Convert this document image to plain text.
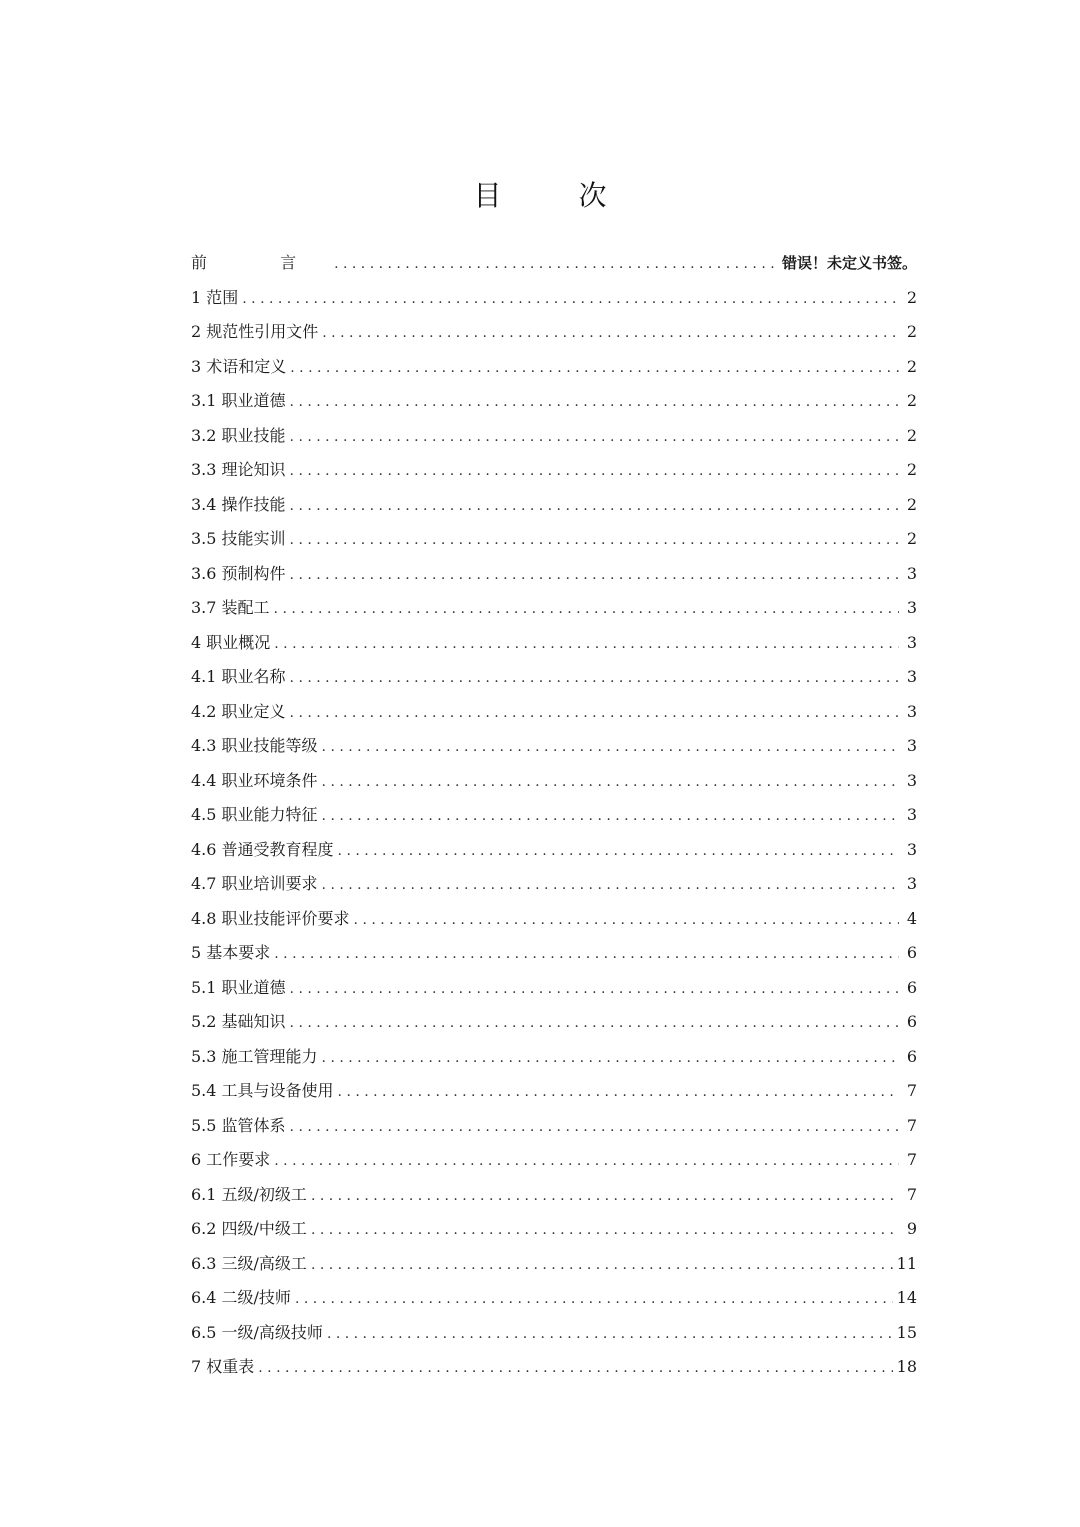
目 次
前 言 . . .	错误！未定义书签。
1 范围 . . .	2
2 规范性引用文件 . . .	2
3 术语和定义 . . .	2
3.1 职业道德 . . .	2
3.2 职业技能 . . .	2
3.3 理论知识 . . .	2
3.4 操作技能 . . .	2
3.5 技能实训 . . .	2
3.6 预制构件 . . .	3
3.7 装配工 . . .	3
4 职业概况 . . .	3
4.1 职业名称 . . .	3
4.2 职业定义 . . .	3
4.3 职业技能等级 . . .	3
4.4 职业环境条件 . . .	3
4.5 职业能力特征 . . .	3
4.6 普通受教育程度 . . .	3
4.7 职业培训要求 . . .	3
4.8 职业技能评价要求 . . .	4
5 基本要求 . . .	6
5.1 职业道德 . . .	6
5.2 基础知识 . . .	6
5.3 施工管理能力 . . .	6
5.4 工具与设备使用 . . .	7
5.5 监管体系 . . .	7
6 工作要求 . . .	7
6.1 五级/初级工 . . .	7
6.2 四级/中级工 . . .	9
6.3 三级/高级工 . . .	11
6.4 二级/技师 . . .	14
6.5 一级/高级技师 . . .	15
7 权重表 . . .	18
